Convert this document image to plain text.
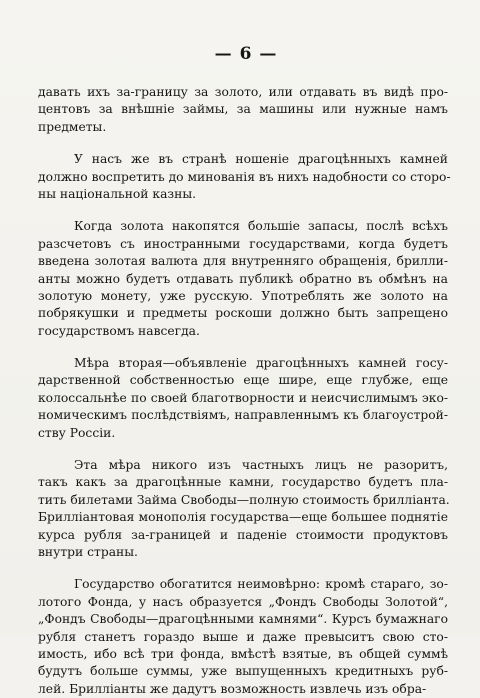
— 6 —
давать ихъ за-границу за золото, или отдавать въ видѣ про-
центовъ за внѣшніе займы, за машины или нужные намъ
предметы.
У насъ же въ странѣ ношеніе драгоцѣнныхъ камней
должно воспретить до минованія въ нихъ надобности со сторо-
ны національной казны.
Когда золота накопятся большіе запасы, послѣ всѣхъ
разсчетовъ съ иностранными государствами, когда будетъ
введена золотая валюта для внутренняго обращенія, брилли-
анты можно будетъ отдавать публикѣ обратно въ обмѣнъ на
золотую монету, уже русскую. Употреблять же золото на
побрякушки и предметы роскоши должно быть запрещено
государствомъ навсегда.
Мѣра вторая—объявленіе драгоцѣнныхъ камней госу-
дарственной собственностью еще шире, еще глубже, еще
колоссальнѣе по своей благотворности и неисчислимымъ эко-
номическимъ послѣдствіямъ, направленнымъ къ благоустрой-
ству Россіи.
Эта мѣра никого изъ частныхъ лицъ не разоритъ,
такъ какъ за драгоцѣнные камни, государство будетъ пла-
тить билетами Займа Свободы—полную стоимость брилліанта.
Брилліантовая монополія государства—еще большее поднятіе
курса рубля за-границей и паденіе стоимости продуктовъ
внутри страны.
Государство обогатится неимовѣрно: кромѣ стараго, зо-
лотого Фонда, у насъ образуется „Фондъ Свободы Золотой“,
„Фондъ Свободы—драгоцѣнными камнями“. Курсъ бумажнаго
рубля станетъ гораздо выше и даже превыситъ свою сто-
имость, ибо всѣ три фонда, вмѣстѣ взятые, въ общей суммѣ
будутъ больше суммы, уже выпущенныхъ кредитныхъ руб-
лей. Брилліанты же дадутъ возможность извлечь изъ обра-
